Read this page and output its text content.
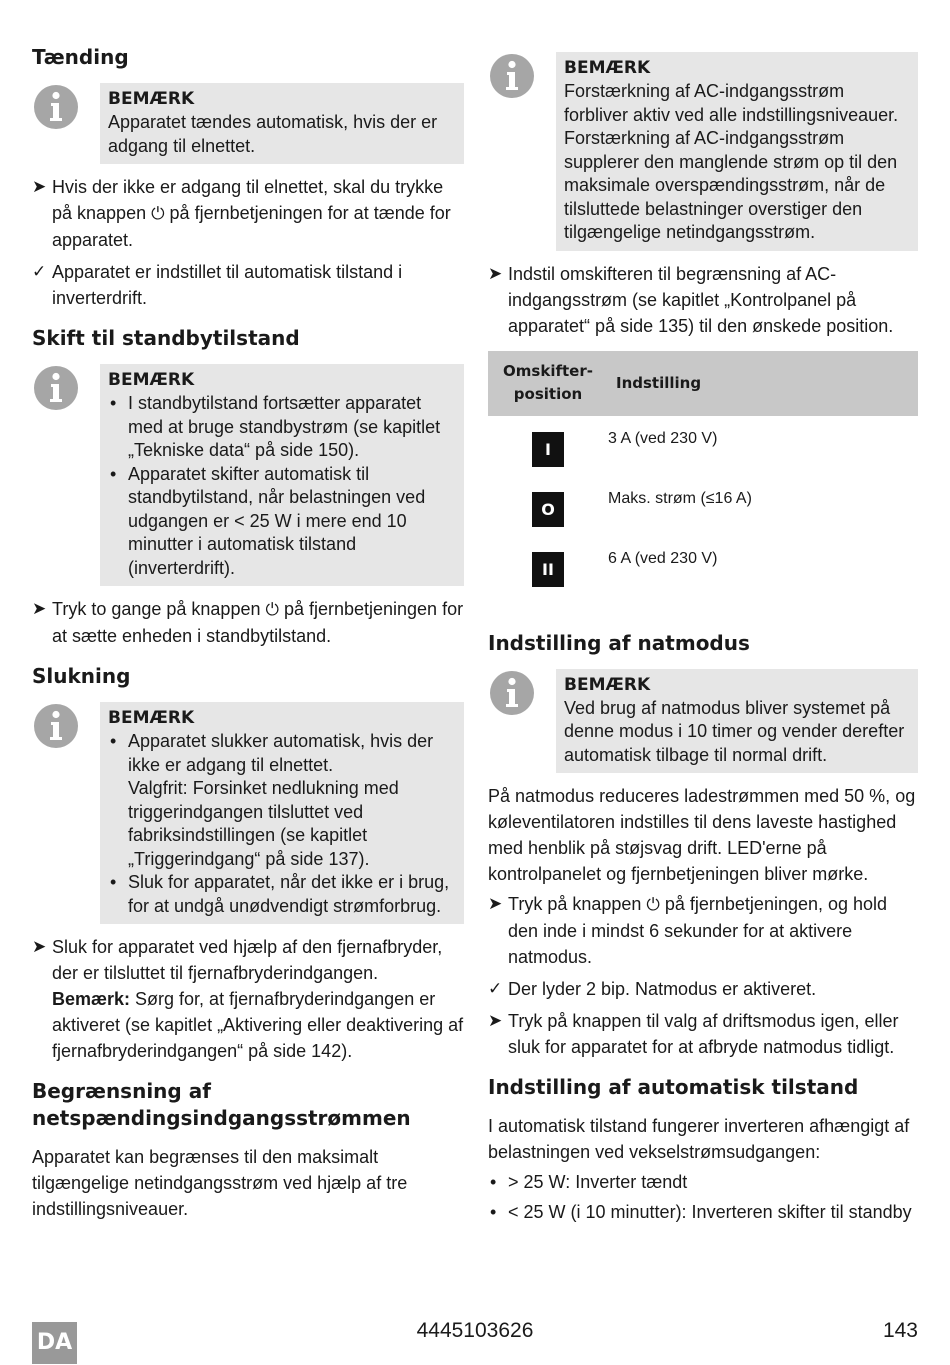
Tænding
BEMÆRK
Apparatet tændes automatisk, hvis der er adgang til elnettet.
➤ Hvis der ikke er adgang til elnettet, skal du trykke på knappen ⏻ på fjernbetjeningen for at tænde for apparatet.
✓ Apparatet er indstillet til automatisk tilstand i inverterdrift.
Skift til standbytilstand
BEMÆRK
• I standbytilstand fortsætter apparatet med at bruge standbystrøm (se kapitlet „Tekniske data“ på side 150).
• Apparatet skifter automatisk til standbytilstand, når belastningen ved udgangen er < 25 W i mere end 10 minutter i automatisk tilstand (inverterdrift).
➤ Tryk to gange på knappen ⏻ på fjernbetjeningen for at sætte enheden i standbytilstand.
Slukning
BEMÆRK
• Apparatet slukker automatisk, hvis der ikke er adgang til elnettet.
Valgfrit: Forsinket nedlukning med triggerindgangen tilsluttet ved fabriksindstillingen (se kapitlet „Triggerindgang“ på side 137).
• Sluk for apparatet, når det ikke er i brug, for at undgå unødvendigt strømforbrug.
➤ Sluk for apparatet ved hjælp af den fjernafbryder, der er tilsluttet til fjernafbryderindgangen.
Bemærk: Sørg for, at fjernafbryderindgangen er aktiveret (se kapitlet „Aktivering eller deaktivering af fjernafbryderindgangen“ på side 142).
Begrænsning af netspændingsindgangsstrømmen

Apparatet kan begrænses til den maksimalt tilgængelige netindgangsstrøm ved hjælp af tre indstillingsniveauer.

BEMÆRK
Forstærkning af AC-indgangsstrøm forbliver aktiv ved alle indstillingsniveauer. Forstærkning af AC-indgangsstrøm supplerer den manglende strøm op til den maksimale overspændingsstrøm, når de tilsluttede belastninger overstiger den tilgængelige netindgangsstrøm.
➤ Indstil omskifteren til begrænsning af AC-indgangsstrøm (se kapitlet „Kontrolpanel på apparatet“ på side 135) til den ønskede position.
Omskifter-position	Indstilling
I	3 A (ved 230 V)
O	Maks. strøm (≤16 A)
II	6 A (ved 230 V)
Indstilling af natmodus
BEMÆRK
Ved brug af natmodus bliver systemet på denne modus i 10 timer og vender derefter automatisk tilbage til normal drift.

På natmodus reduceres ladestrømmen med 50 %, og køleventilatoren indstilles til dens laveste hastighed med henblik på støjsvag drift. LED'erne på kontrolpanelet og fjernbetjeningen bliver mørke.

➤ Tryk på knappen ⏻ på fjernbetjeningen, og hold den inde i mindst 6 sekunder for at aktivere natmodus.
✓ Der lyder 2 bip. Natmodus er aktiveret.
➤ Tryk på knappen til valg af driftsmodus igen, eller sluk for apparatet for at afbryde natmodus tidligt.
Indstilling af automatisk tilstand

I automatisk tilstand fungerer inverteren afhængigt af belastningen ved vekselstrømsudgangen:

• > 25 W: Inverter tændt
• < 25 W (i 10 minutter): Inverteren skifter til standby
DA	4445103626	143
